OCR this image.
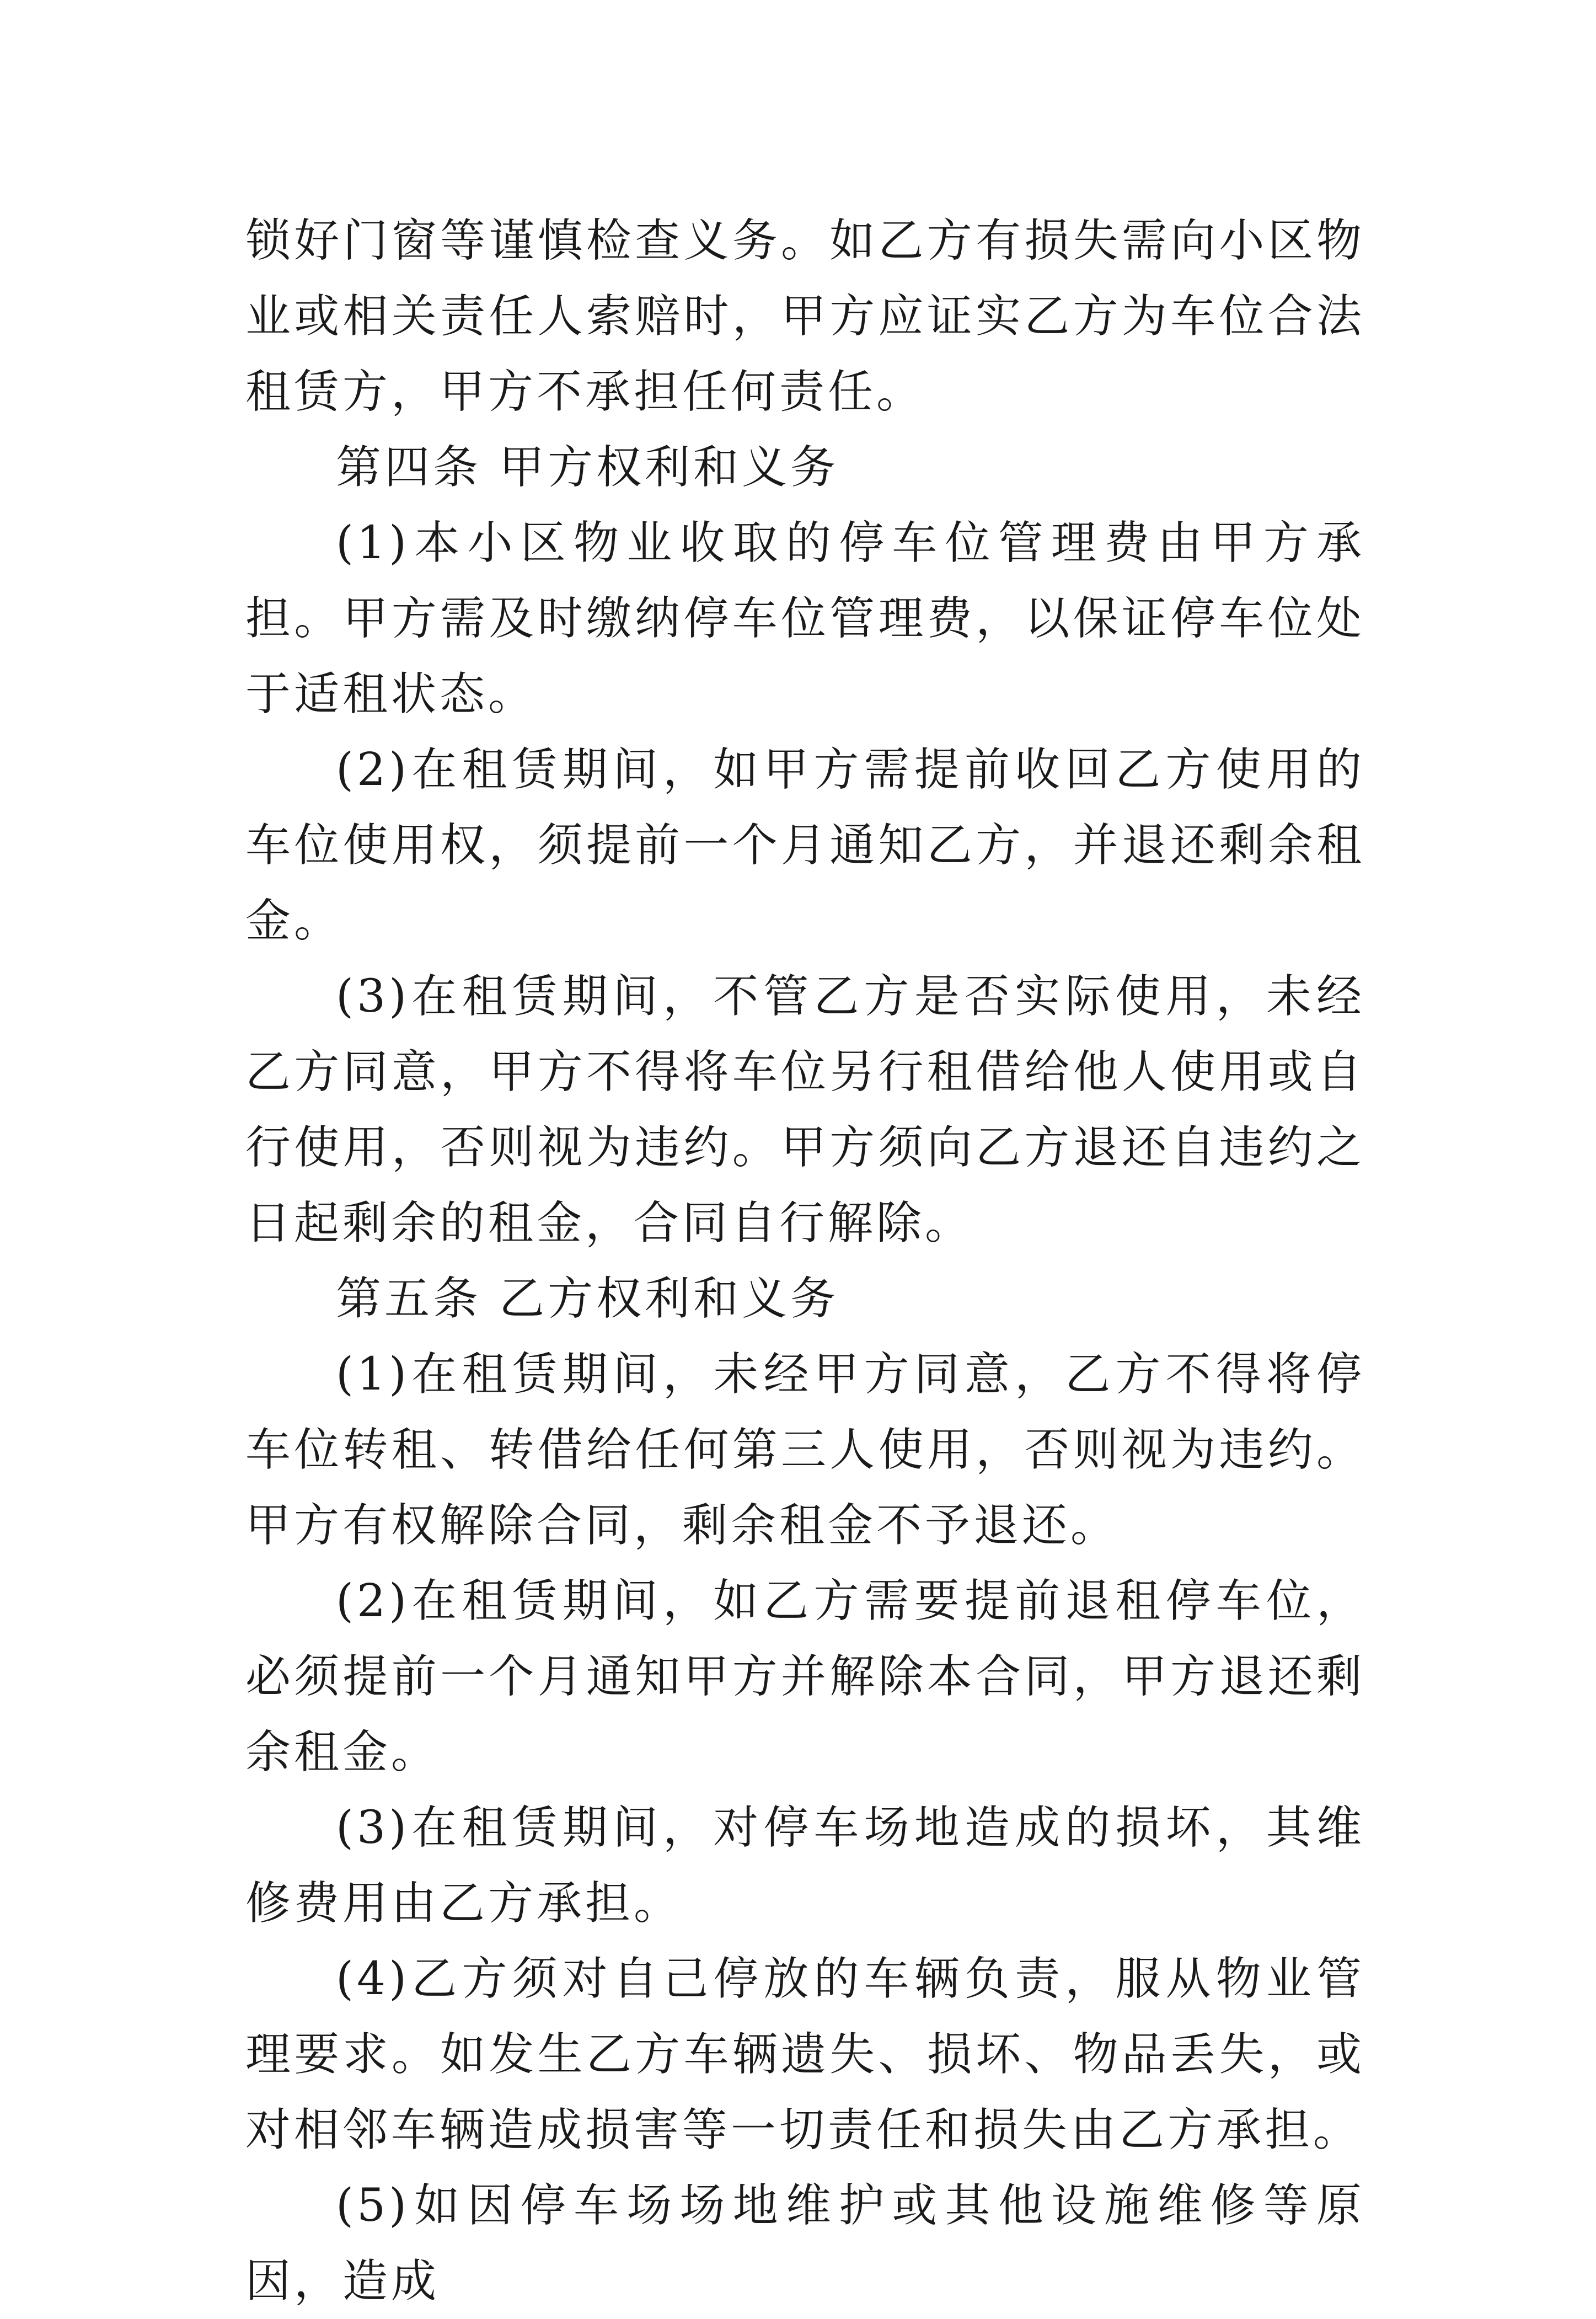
锁好门窗等谨慎检查义务。如乙方有损失需向小区物业或相关责任人索赔时，甲方应证实乙方为车位合法租赁方，甲方不承担任何责任。

第四条 甲方权利和义务

(1)本小区物业收取的停车位管理费由甲方承担。甲方需及时缴纳停车位管理费，以保证停车位处于适租状态。

(2)在租赁期间，如甲方需提前收回乙方使用的车位使用权，须提前一个月通知乙方，并退还剩余租金。

(3)在租赁期间，不管乙方是否实际使用，未经乙方同意，甲方不得将车位另行租借给他人使用或自行使用，否则视为违约。甲方须向乙方退还自违约之日起剩余的租金，合同自行解除。

第五条 乙方权利和义务

(1)在租赁期间，未经甲方同意，乙方不得将停车位转租、转借给任何第三人使用，否则视为违约。甲方有权解除合同，剩余租金不予退还。

(2)在租赁期间，如乙方需要提前退租停车位，必须提前一个月通知甲方并解除本合同，甲方退还剩余租金。

(3)在租赁期间，对停车场地造成的损坏，其维修费用由乙方承担。

(4)乙方须对自己停放的车辆负责，服从物业管理要求。如发生乙方车辆遗失、损坏、物品丢失，或对相邻车辆造成损害等一切责任和损失由乙方承担。

(5)如因停车场场地维护或其他设施维修等原因，造成
